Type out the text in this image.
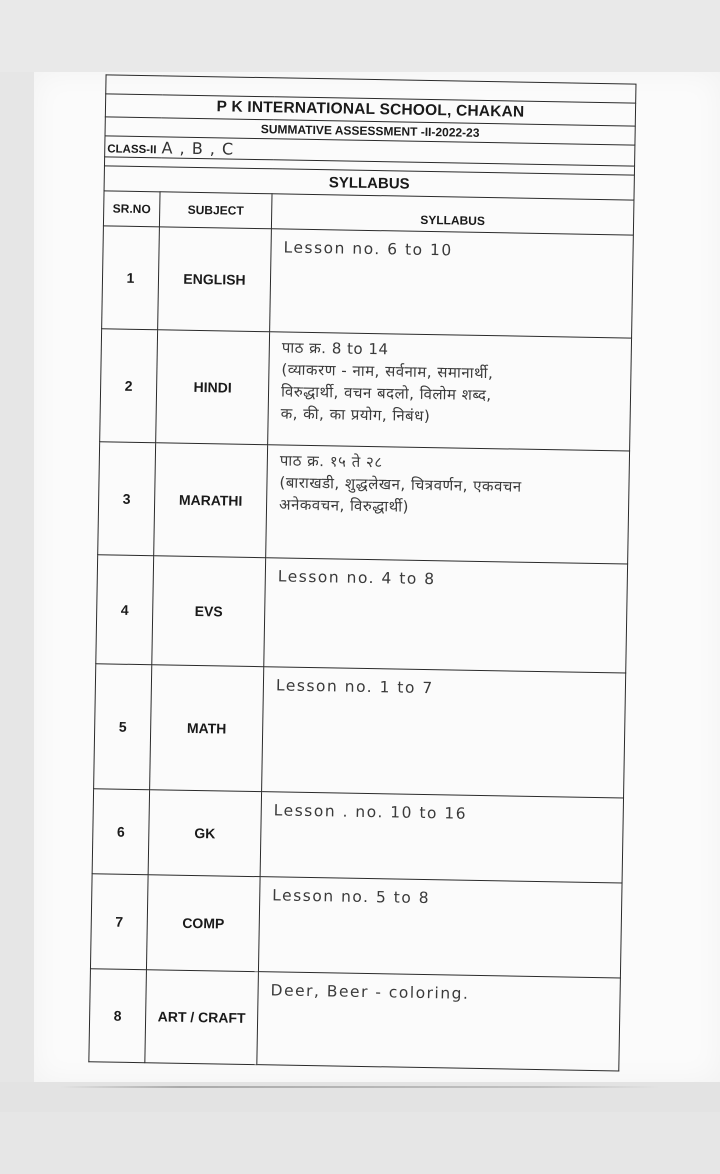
P K INTERNATIONAL SCHOOL, CHAKAN		
SUMMATIVE ASSESSMENT -II-2022-23		
CLASS-II A , B , C		

SYLLABUS		
SR.NO	SUBJECT	SYLLABUS
1	ENGLISH	Lesson no. 6 to 10
2	HINDI	पाठ क्र. 8 to 14
(व्याकरण - नाम, सर्वनाम, समानार्थी,
विरुद्धार्थी, वचन बदलो, विलोम शब्द,
क, की, का प्रयोग, निबंध)
3	MARATHI	पाठ क्र. १५ ते २८
(बाराखडी, शुद्धलेखन, चित्रवर्णन, एकवचन
अनेकवचन, विरुद्धार्थी)
4	EVS	Lesson no. 4 to 8
5	MATH	Lesson no. 1 to 7
6	GK	Lesson . no. 10 to 16
7	COMP	Lesson no. 5 to 8
8	ART / CRAFT	Deer, Beer - coloring.
